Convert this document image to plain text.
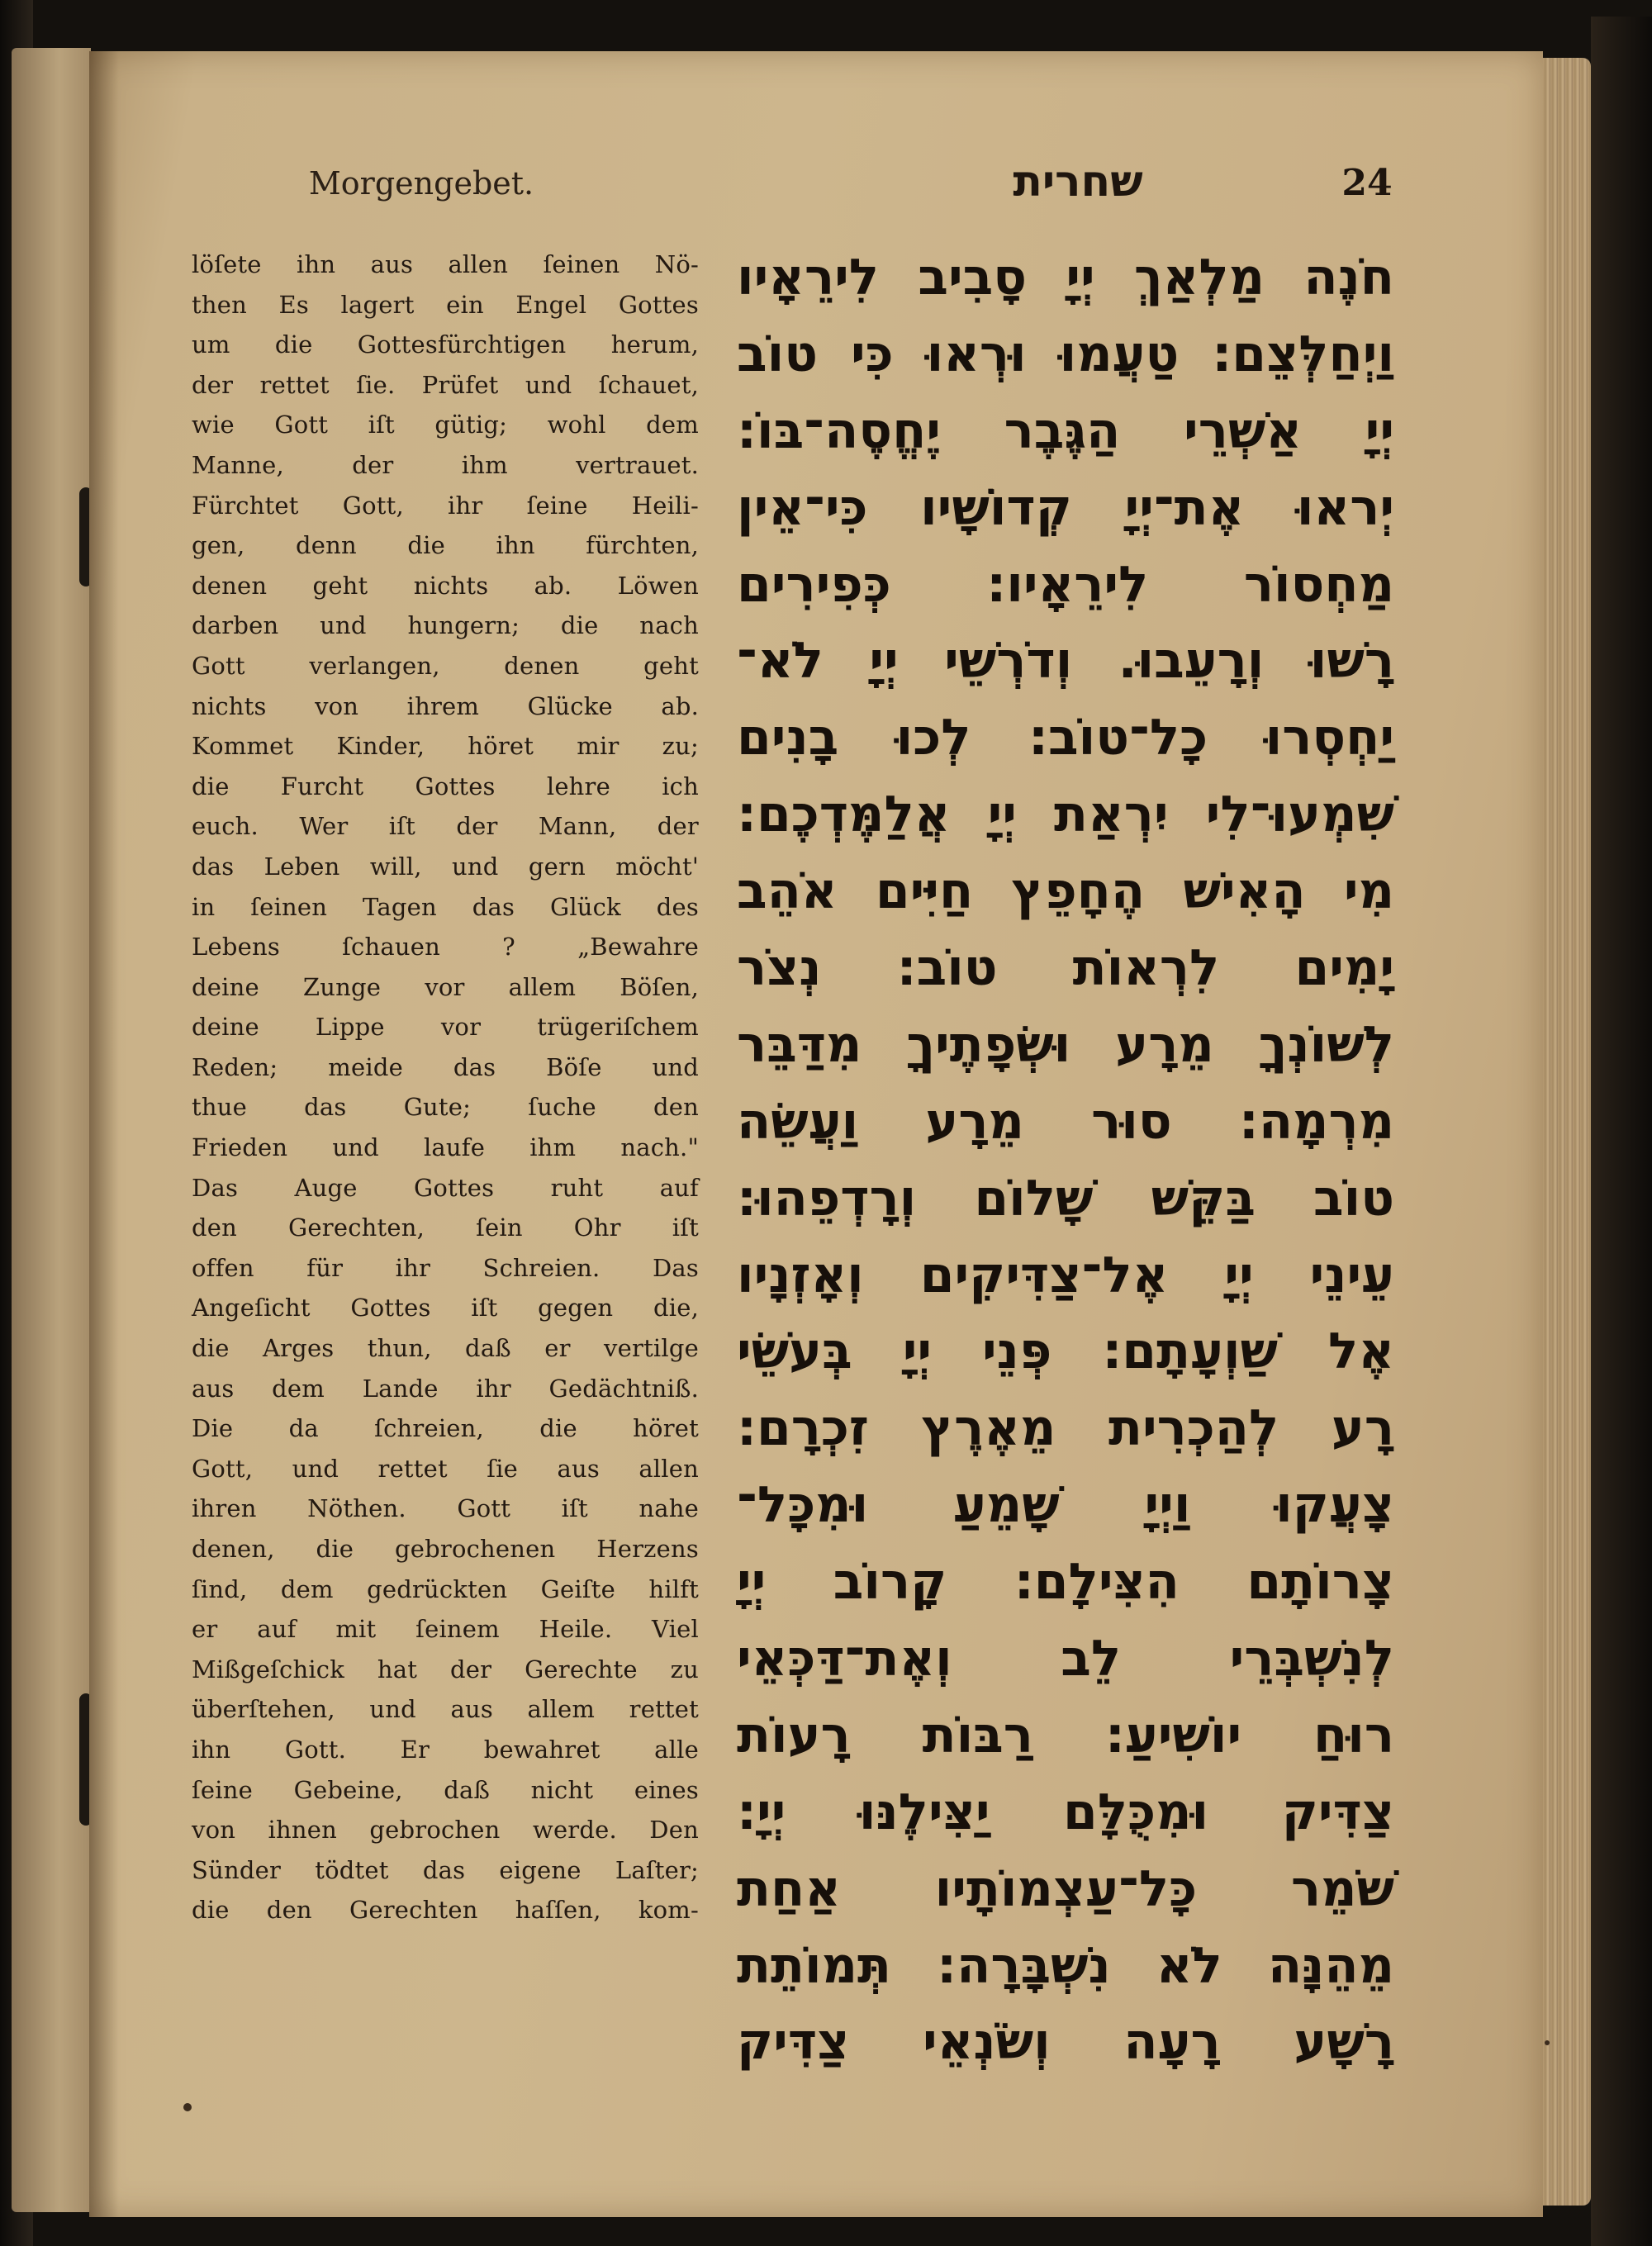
Morgengebet.	שחרית	24
löſete ihn aus allen ſeinen Nö-
then Es lagert ein Engel Gottes
um die Gottesfürchtigen herum,
der rettet ſie. Prüfet und ſchauet,
wie Gott iſt gütig; wohl dem
Manne, der ihm vertrauet.
Fürchtet Gott, ihr ſeine Heili-
gen, denn die ihn fürchten,
denen geht nichts ab. Löwen
darben und hungern; die nach
Gott verlangen, denen geht
nichts von ihrem Glücke ab.
Kommet Kinder, höret mir zu;
die Furcht Gottes lehre ich
euch. Wer iſt der Mann, der
das Leben will, und gern möcht'
in ſeinen Tagen das Glück des
Lebens ſchauen ? „Bewahre
deine Zunge vor allem Böſen,
deine Lippe vor trügeriſchem
Reden; meide das Böſe und
thue das Gute; ſuche den
Frieden und laufe ihm nach."
Das Auge Gottes ruht auf
den Gerechten, ſein Ohr iſt
offen für ihr Schreien. Das
Angeſicht Gottes iſt gegen die,
die Arges thun, daß er vertilge
aus dem Lande ihr Gedächtniß.
Die da ſchreien, die höret
Gott, und rettet ſie aus allen
ihren Nöthen. Gott iſt nahe
denen, die gebrochenen Herzens
ſind, dem gedrückten Geiſte hilft
er auf mit ſeinem Heile. Viel
Mißgeſchick hat der Gerechte zu
überſtehen, und aus allem rettet
ihn Gott. Er bewahret alle
ſeine Gebeine, daß nicht eines
von ihnen gebrochen werde. Den
Sünder tödtet das eigene Laſter;
die den Gerechten haſſen, kom-
חֹנֶה מַלְאַךְ יְיָ סָבִיב לִירֵאָיו
וַיְחַלְּצֵם: טַעֲמוּ וּרְאוּ כִּי טוֹב
יְיָ אַשְׁרֵי הַגֶּבֶר יֶחֱסֶה־בּוֹ:
יְראוּ אֶת־יְיָ קְדוֹשָׁיו כִּי־אֵין
מַחְסוֹר לִירֵאָיו: כְּפִירִים
רָשׁוּ וְרָעֵבוּ. וְדֹרְשֵׁי יְיָ לֹא־
יַחְסְרוּ כָל־טוֹב: לְכוּ בָנִים
שִׁמְעוּ־לִי יִרְאַת יְיָ אֲלַמֶּדְכֶם:
מִי הָאִישׁ הֶחָפֵץ חַיִּים אֹהֵב
יָמִים לִרְאוֹת טוֹב: נְצֹר
לְשׁוֹנְךָ מֵרָע וּשְׂפָתֶיךָ מִדַּבֵּר
מִרְמָה: סוּר מֵרָע וַעֲשֵׂה
טוֹב בַּקֵּשׁ שָׁלוֹם וְרָדְפֵהוּ:
עֵינֵי יְיָ אֶל־צַדִּיקִים וְאָזְנָיו
אֶל שַׁוְעָתָם: פְּנֵי יְיָ בְּעֹשֵׂי
רָע לְהַכְרִית מֵאֶרֶץ זִכְרָם:
צָעֲקוּ וַיְיָ שָׁמֵעַ וּמִכָּל־
צָרוֹתָם הִצִּילָם: קָרוֹב יְיָ
לְנִשְׁבְּרֵי לֵב וְאֶת־דַּכְּאֵי
רוּחַ יוֹשִׁיעַ: רַבּוֹת רָעוֹת
צַדִּיק וּמִכֻּלָּם יַצִּילֶנּוּ יְיָ:
שֹׁמֵר כָּל־עַצְמוֹתָיו אַחַת
מֵהֵנָּה לֹא נִשְׁבָּרָה: תְּמוֹתֵת
רָשָׁע רָעָה וְשֹׂנְאֵי צַדִּיק
